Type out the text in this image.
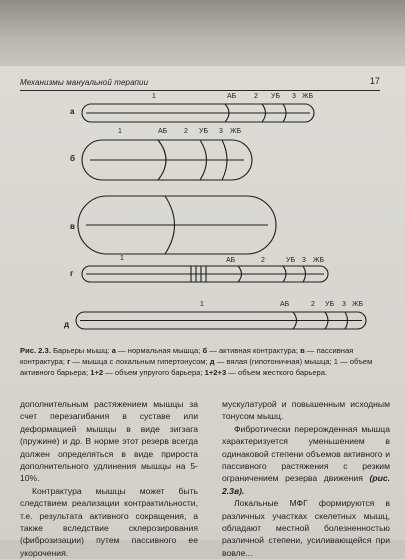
Механизмы мануальной терапии	17
а
1	АБ	2 УБ 3 ЖБ
б
1	АБ 2 УБ 3 ЖБ
в
г
1	АБ	2	УБ 3 ЖБ
д
1	АБ	2 УБ 3 ЖБ
Рис. 2.3. Барьеры мышц: а — нормальная мышца; б — активная контрактура; в — пассивная контрактура; г — мышца с локальным гипертонусом; д — вялая (гипотоничная) мышца; 1 — объем активного барьера; 1+2 — объем упругого барьера; 1+2+3 — объем жесткого барьера.

дополнительным растяжением мышцы за счет перезагибания в суставе или деформацией мышцы в виде зигзага (пружине) и др. В норме этот резерв всегда должен определяться в виде прироста дополнительного удлинения мышцы на 5-10%.

Контрактура мышцы может быть следствием реализации контрактильности, т.е. результата активного сокращения, а также вследствие склерозирования (фиброзизации) путем пассивного ее укорочения.

мускулатурой и повышенным исходным тонусом мышц.

Фибротически перерожденная мышца характеризуется уменьшением в одинаковой степени объемов активного и пассивного растяжения с резким ограничением резерва движения (рис. 2.3в).

Локальные МФГ формируются в различных участках скелетных мышц, обладают местной болезненностью различной степени, усиливающейся при вовле...
